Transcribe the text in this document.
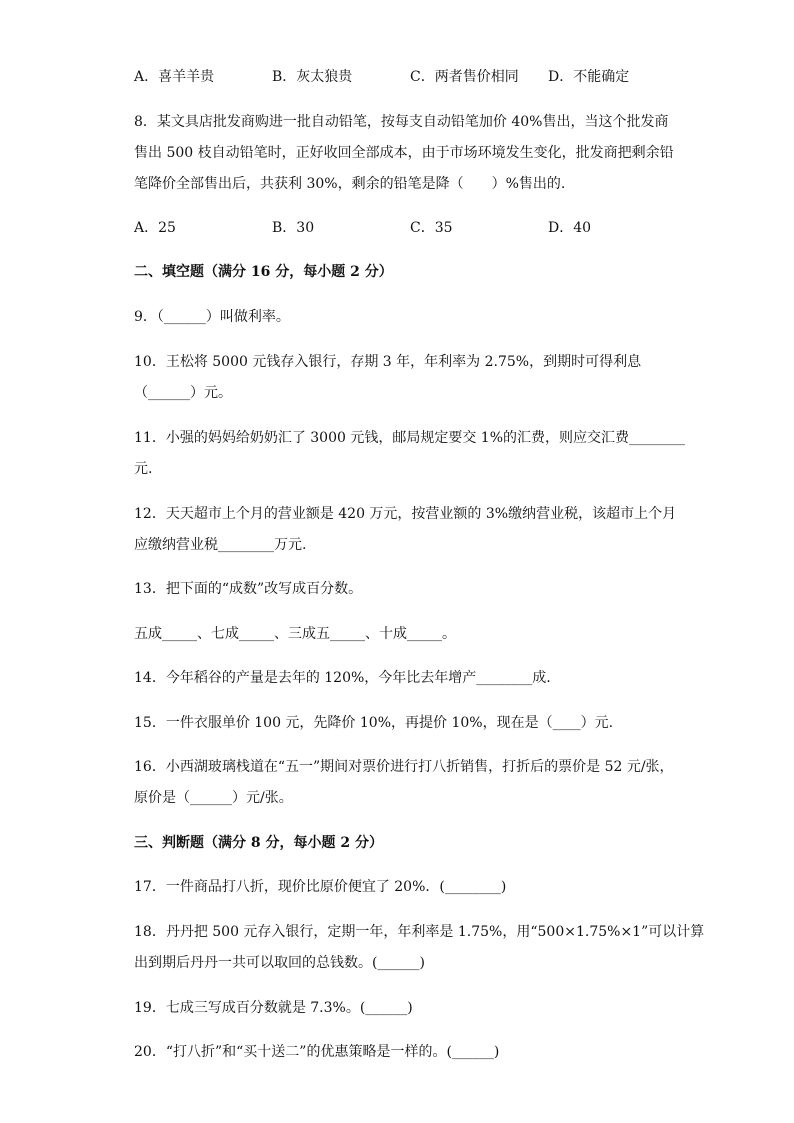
A．喜羊羊贵	B．灰太狼贵	C．两者售价相同 D．不能确定
8．某文具店批发商购进一批自动铅笔，按每支自动铅笔加价 40%售出，当这个批发商
售出 500 枝自动铅笔时，正好收回全部成本，由于市场环境发生变化，批发商把剩余铅
笔降价全部售出后，共获利 30%，剩余的铅笔是降（　　）%售出的.
A．25	B．30	C．35	D．40
二、填空题（满分 16 分，每小题 2 分）
9．（______）叫做利率。
10．王松将 5000 元钱存入银行，存期 3 年，年利率为 2.75%，到期时可得利息
（______）元。
11．小强的妈妈给奶奶汇了 3000 元钱，邮局规定要交 1%的汇费，则应交汇费________
元.
12．天天超市上个月的营业额是 420 万元，按营业额的 3%缴纳营业税，该超市上个月
应缴纳营业税________万元.
13．把下面的“成数”改写成百分数。
五成_____、七成_____、三成五_____、十成_____。
14．今年稻谷的产量是去年的 120%，今年比去年增产________成.
15．一件衣服单价 100 元，先降价 10%，再提价 10%，现在是（____）元.
16．小西湖玻璃栈道在“五一”期间对票价进行打八折销售，打折后的票价是 52 元/张，
原价是（______）元/张。
三、判断题（满分 8 分，每小题 2 分）
17．一件商品打八折，现价比原价便宜了 20%．(________)
18．丹丹把 500 元存入银行，定期一年，年利率是 1.75%，用“500×1.75%×1”可以计算
出到期后丹丹一共可以取回的总钱数。(______)
19．七成三写成百分数就是 7.3%。(______)
20．“打八折”和“买十送二”的优惠策略是一样的。(______)
